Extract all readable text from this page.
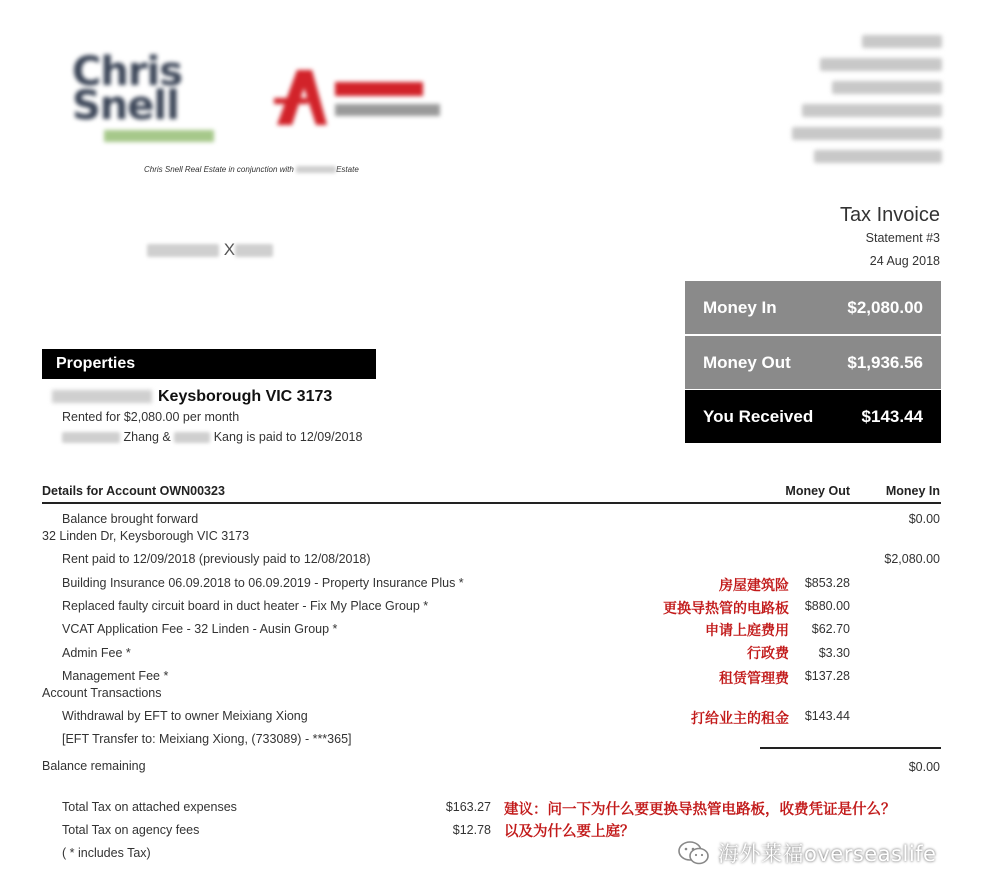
Chris Snell
Chris Snell Real Estate in conjunction with	Estate
X
Tax Invoice
Statement #3
24 Aug 2018
Money In	$2,080.00
Money Out	$1,936.56
You Received	$143.44
Properties
Keysborough VIC 3173
Rented for $2,080.00 per month
Zhang &	Kang is paid to 12/09/2018
Details for Account OWN00323	Money Out	Money In
Balance brought forward	$0.00
32 Linden Dr, Keysborough VIC 3173
Rent paid to 12/09/2018 (previously paid to 12/08/2018)	$2,080.00
Building Insurance 06.09.2018 to 06.09.2019 - Property Insurance Plus *	房屋建筑险	$853.28
Replaced faulty circuit board in duct heater - Fix My Place Group *	更换导热管的电路板	$880.00
VCAT Application Fee - 32 Linden - Ausin Group *	申请上庭费用	$62.70
Admin Fee *	行政费	$3.30
Management Fee *	租赁管理费	$137.28
Account Transactions
Withdrawal by EFT to owner Meixiang Xiong	打给业主的租金	$143.44
[EFT Transfer to: Meixiang Xiong, (733089) - ***365]
Balance remaining	$0.00
Total Tax on attached expenses	$163.27
Total Tax on agency fees	$12.78
( * includes Tax)
建议：问一下为什么要更换导热管电路板，收费凭证是什么？
以及为什么要上庭？
海外莱福overseaslife
